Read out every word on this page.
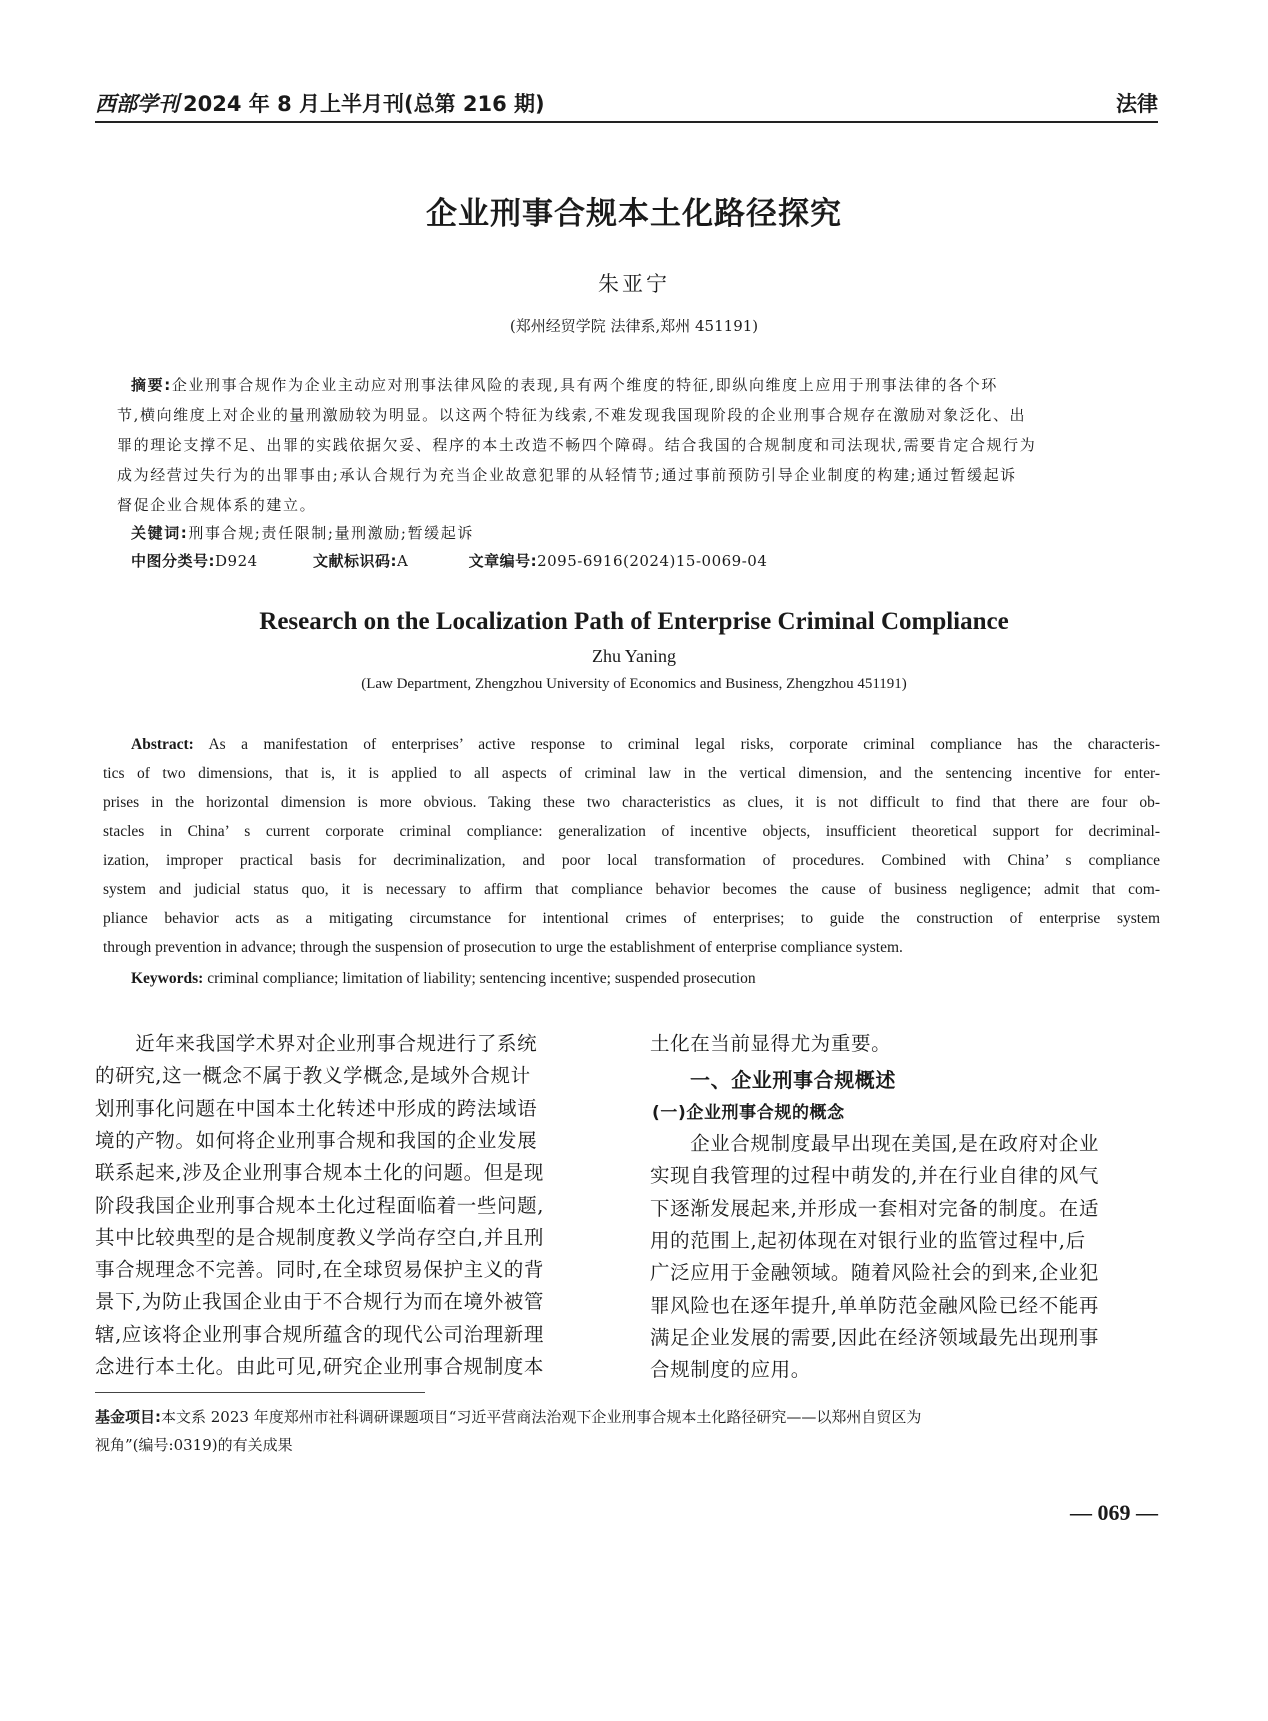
西部学刊 2024 年 8 月上半月刊(总第 216 期)	法律
企业刑事合规本土化路径探究
朱亚宁
(郑州经贸学院 法律系,郑州 451191)
摘要:企业刑事合规作为企业主动应对刑事法律风险的表现,具有两个维度的特征,即纵向维度上应用于刑事法律的各个环
节,横向维度上对企业的量刑激励较为明显。以这两个特征为线索,不难发现我国现阶段的企业刑事合规存在激励对象泛化、出
罪的理论支撑不足、出罪的实践依据欠妥、程序的本土改造不畅四个障碍。结合我国的合规制度和司法现状,需要肯定合规行为
成为经营过失行为的出罪事由;承认合规行为充当企业故意犯罪的从轻情节;通过事前预防引导企业制度的构建;通过暂缓起诉
督促企业合规体系的建立。
关键词:刑事合规;责任限制;量刑激励;暂缓起诉
中图分类号:D924	文献标识码:A	文章编号:2095-6916(2024)15-0069-04
Research on the Localization Path of Enterprise Criminal Compliance
Zhu Yaning
(Law Department, Zhengzhou University of Economics and Business, Zhengzhou 451191)
Abstract: As a manifestation of enterprises’ active response to criminal legal risks, corporate criminal compliance has the characteris-
tics of two dimensions, that is, it is applied to all aspects of criminal law in the vertical dimension, and the sentencing incentive for enter-
prises in the horizontal dimension is more obvious. Taking these two characteristics as clues, it is not difficult to find that there are four ob-
stacles in China’ s current corporate criminal compliance: generalization of incentive objects, insufficient theoretical support for decriminal-
ization, improper practical basis for decriminalization, and poor local transformation of procedures. Combined with China’ s compliance
system and judicial status quo, it is necessary to affirm that compliance behavior becomes the cause of business negligence; admit that com-
pliance behavior acts as a mitigating circumstance for intentional crimes of enterprises; to guide the construction of enterprise system
through prevention in advance; through the suspension of prosecution to urge the establishment of enterprise compliance system.
Keywords: criminal compliance; limitation of liability; sentencing incentive; suspended prosecution
　　近年来我国学术界对企业刑事合规进行了系统
的研究,这一概念不属于教义学概念,是域外合规计
划刑事化问题在中国本土化转述中形成的跨法域语
境的产物。如何将企业刑事合规和我国的企业发展
联系起来,涉及企业刑事合规本土化的问题。但是现
阶段我国企业刑事合规本土化过程面临着一些问题,
其中比较典型的是合规制度教义学尚存空白,并且刑
事合规理念不完善。同时,在全球贸易保护主义的背
景下,为防止我国企业由于不合规行为而在境外被管
辖,应该将企业刑事合规所蕴含的现代公司治理新理
念进行本土化。由此可见,研究企业刑事合规制度本
土化在当前显得尤为重要。
一、企业刑事合规概述
(一)企业刑事合规的概念
　　企业合规制度最早出现在美国,是在政府对企业
实现自我管理的过程中萌发的,并在行业自律的风气
下逐渐发展起来,并形成一套相对完备的制度。在适
用的范围上,起初体现在对银行业的监管过程中,后
广泛应用于金融领域。随着风险社会的到来,企业犯
罪风险也在逐年提升,单单防范金融风险已经不能再
满足企业发展的需要,因此在经济领域最先出现刑事
合规制度的应用。
基金项目:本文系 2023 年度郑州市社科调研课题项目“习近平营商法治观下企业刑事合规本土化路径研究——以郑州自贸区为
视角”(编号:0319)的有关成果
— 069 —
